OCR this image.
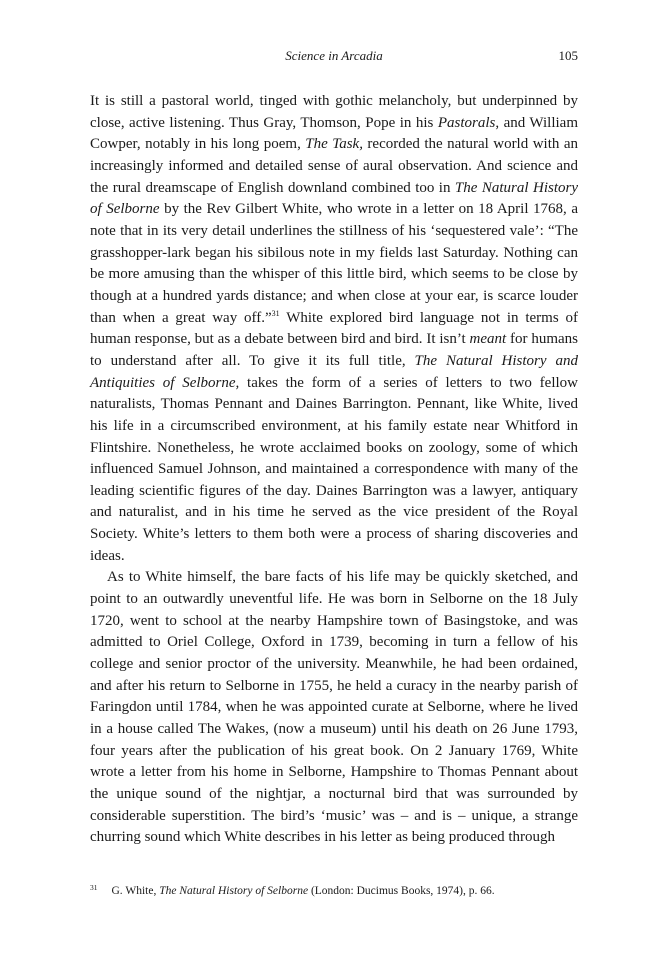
Science in Arcadia	105

It is still a pastoral world, tinged with gothic melancholy, but underpinned by close, active listening. Thus Gray, Thomson, Pope in his Pastorals, and William Cowper, notably in his long poem, The Task, recorded the natural world with an increasingly informed and detailed sense of aural observation. And science and the rural dreamscape of English downland combined too in The Natural History of Selborne by the Rev Gilbert White, who wrote in a letter on 18 April 1768, a note that in its very detail underlines the stillness of his ‘sequestered vale’: “The grasshopper-lark began his sibilous note in my fields last Saturday. Nothing can be more amusing than the whisper of this little bird, which seems to be close by though at a hundred yards distance; and when close at your ear, is scarce louder than when a great way off.”$^{31}$ White explored bird language not in terms of human response, but as a debate between bird and bird. It isn’t meant for humans to understand after all. To give it its full title, The Natural History and Antiquities of Selborne, takes the form of a series of letters to two fellow naturalists, Thomas Pennant and Daines Barrington. Pennant, like White, lived his life in a circumscribed environment, at his family estate near Whitford in Flintshire. Nonetheless, he wrote acclaimed books on zoology, some of which influenced Samuel Johnson, and maintained a correspondence with many of the leading scientific figures of the day. Daines Barrington was a lawyer, antiquary and naturalist, and in his time he served as the vice president of the Royal Society. White’s letters to them both were a process of sharing discoveries and ideas.

As to White himself, the bare facts of his life may be quickly sketched, and point to an outwardly uneventful life. He was born in Selborne on the 18 July 1720, went to school at the nearby Hampshire town of Basingstoke, and was admitted to Oriel College, Oxford in 1739, becoming in turn a fellow of his college and senior proctor of the university. Meanwhile, he had been ordained, and after his return to Selborne in 1755, he held a curacy in the nearby parish of Faringdon until 1784, when he was appointed curate at Selborne, where he lived in a house called The Wakes, (now a museum) until his death on 26 June 1793, four years after the publication of his great book. On 2 January 1769, White wrote a letter from his home in Selborne, Hampshire to Thomas Pennant about the unique sound of the nightjar, a nocturnal bird that was surrounded by considerable superstition. The bird’s ‘music’ was – and is – unique, a strange churring sound which White describes in his letter as being produced through

$^{31}$ G. White, The Natural History of Selborne (London: Ducimus Books, 1974), p. 66.
